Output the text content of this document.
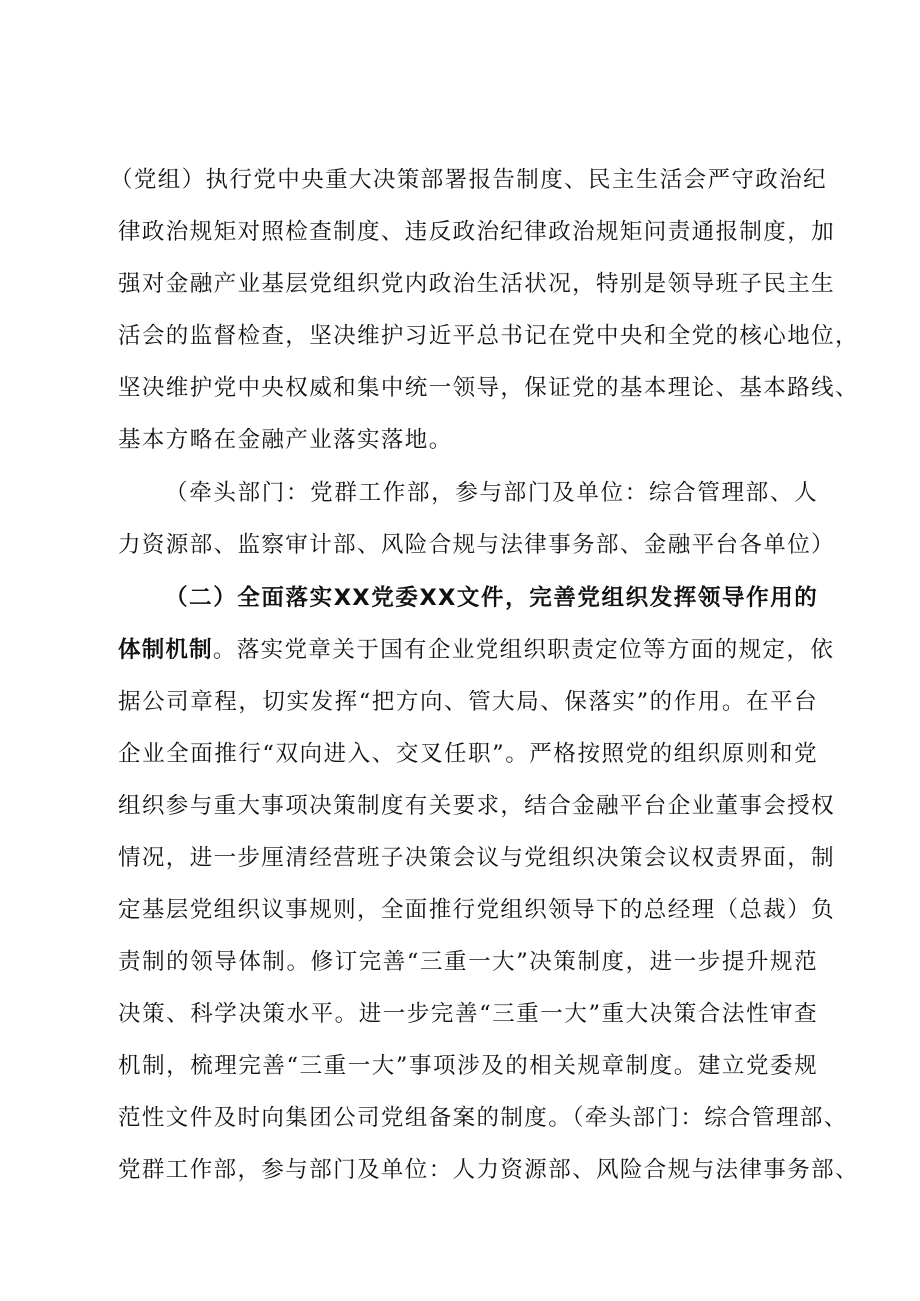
（党组）执行党中央重大决策部署报告制度、民主生活会严守政治纪
律政治规矩对照检查制度、违反政治纪律政治规矩问责通报制度，加
强对金融产业基层党组织党内政治生活状况，特别是领导班子民主生
活会的监督检查，坚决维护习近平总书记在党中央和全党的核心地位，
坚决维护党中央权威和集中统一领导，保证党的基本理论、基本路线、
基本方略在金融产业落实落地。
（牵头部门：党群工作部，参与部门及单位：综合管理部、人
力资源部、监察审计部、风险合规与法律事务部、金融平台各单位）
（二）全面落实XX党委XX文件，完善党组织发挥领导作用的
体制机制。落实党章关于国有企业党组织职责定位等方面的规定，依
据公司章程，切实发挥“把方向、管大局、保落实”的作用。在平台
企业全面推行“双向进入、交叉任职”。严格按照党的组织原则和党
组织参与重大事项决策制度有关要求，结合金融平台企业董事会授权
情况，进一步厘清经营班子决策会议与党组织决策会议权责界面，制
定基层党组织议事规则，全面推行党组织领导下的总经理（总裁）负
责制的领导体制。修订完善“三重一大”决策制度，进一步提升规范
决策、科学决策水平。进一步完善“三重一大”重大决策合法性审查
机制，梳理完善“三重一大”事项涉及的相关规章制度。建立党委规
范性文件及时向集团公司党组备案的制度。（牵头部门：综合管理部、
党群工作部，参与部门及单位：人力资源部、风险合规与法律事务部、
